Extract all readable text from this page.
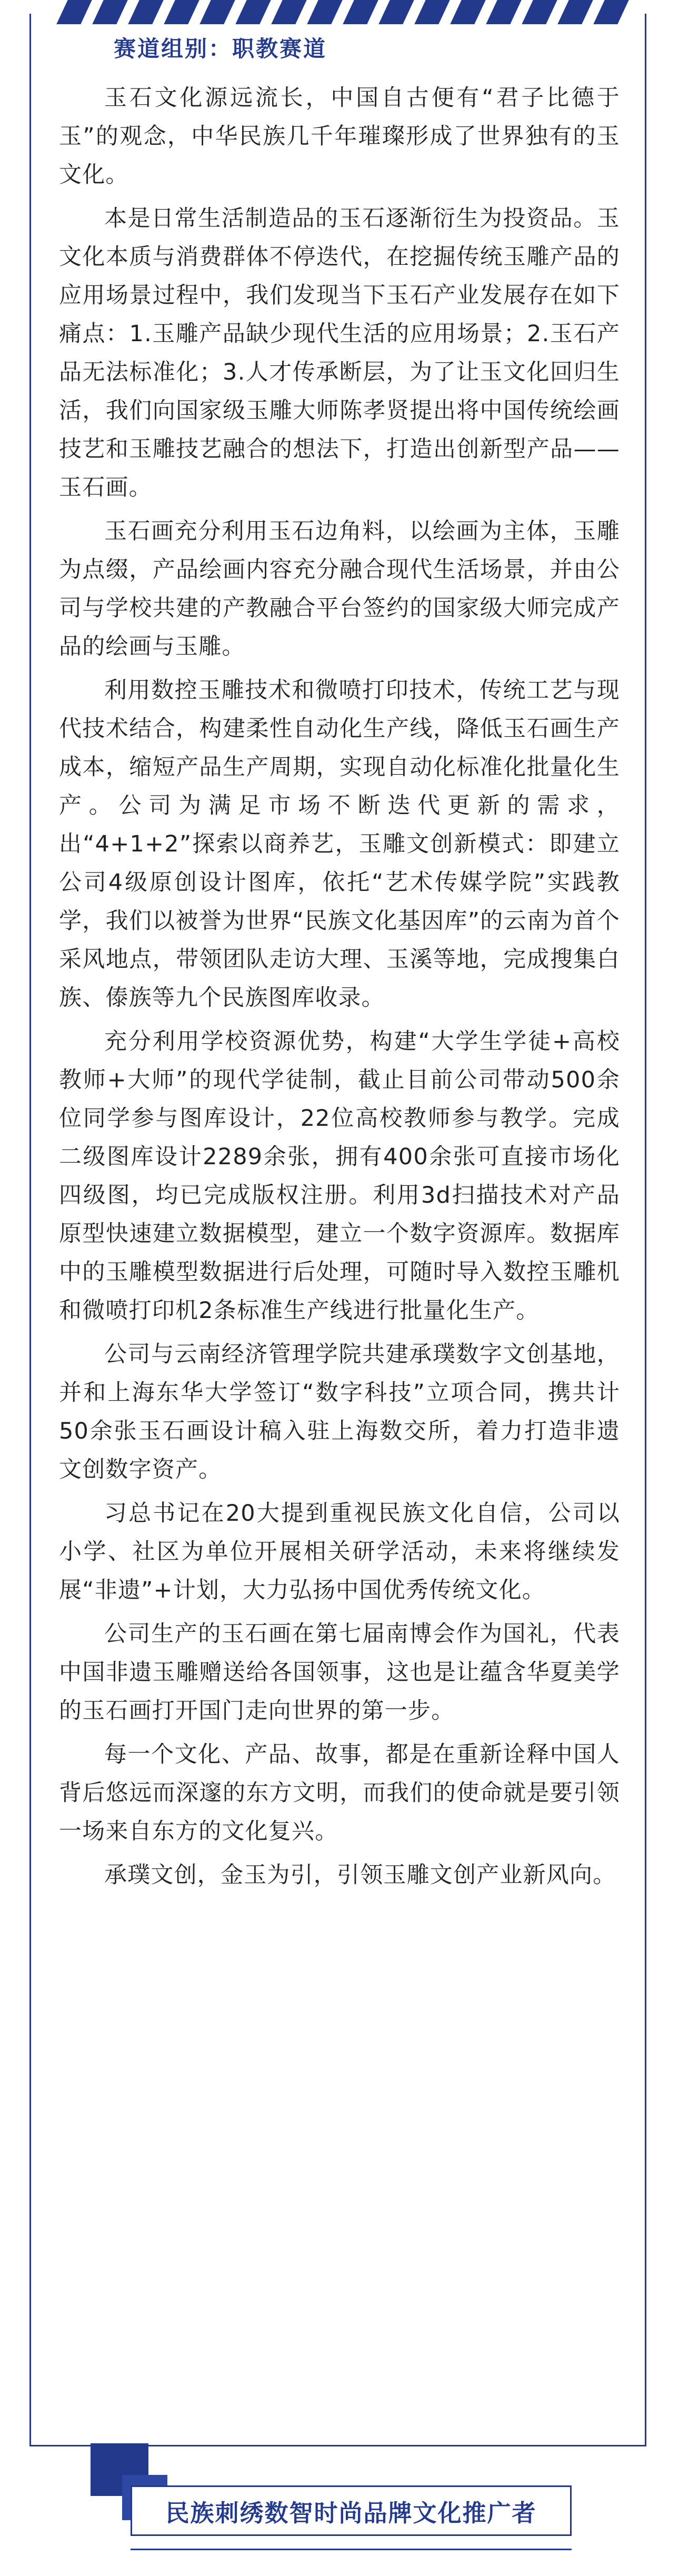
赛道组别：职教赛道

玉石文化源远流长，中国自古便有“君子比德于玉”的观念，中华民族几千年璀璨形成了世界独有的玉文化。

本是日常生活制造品的玉石逐渐衍生为投资品。玉文化本质与消费群体不停迭代，在挖掘传统玉雕产品的应用场景过程中，我们发现当下玉石产业发展存在如下痛点：1.玉雕产品缺少现代生活的应用场景；2.玉石产品无法标准化；3.人才传承断层，为了让玉文化回归生活，我们向国家级玉雕大师陈孝贤提出将中国传统绘画技艺和玉雕技艺融合的想法下，打造出创新型产品——玉石画。

玉石画充分利用玉石边角料，以绘画为主体，玉雕为点缀，产品绘画内容充分融合现代生活场景，并由公司与学校共建的产教融合平台签约的国家级大师完成产品的绘画与玉雕。

利用数控玉雕技术和微喷打印技术，传统工艺与现代技术结合，构建柔性自动化生产线，降低玉石画生产成本，缩短产品生产周期，实现自动化标准化批量化生产。公司为满足市场不断迭代更新的需求，出“4+1+2”探索以商养艺，玉雕文创新模式：即建立公司4级原创设计图库，依托“艺术传媒学院”实践教学，我们以被誉为世界“民族文化基因库”的云南为首个采风地点，带领团队走访大理、玉溪等地，完成搜集白族、傣族等九个民族图库收录。

充分利用学校资源优势，构建“大学生学徒+高校教师+大师”的现代学徒制，截止目前公司带动500余位同学参与图库设计，22位高校教师参与教学。完成二级图库设计2289余张，拥有400余张可直接市场化四级图，均已完成版权注册。利用3d扫描技术对产品原型快速建立数据模型，建立一个数字资源库。数据库中的玉雕模型数据进行后处理，可随时导入数控玉雕机和微喷打印机2条标准生产线进行批量化生产。

公司与云南经济管理学院共建承璞数字文创基地，并和上海东华大学签订“数字科技”立项合同，携共计50余张玉石画设计稿入驻上海数交所，着力打造非遗文创数字资产。

习总书记在20大提到重视民族文化自信，公司以小学、社区为单位开展相关研学活动，未来将继续发展“非遗”+计划，大力弘扬中国优秀传统文化。

公司生产的玉石画在第七届南博会作为国礼，代表中国非遗玉雕赠送给各国领事，这也是让蕴含华夏美学的玉石画打开国门走向世界的第一步。

每一个文化、产品、故事，都是在重新诠释中国人背后悠远而深邃的东方文明，而我们的使命就是要引领一场来自东方的文化复兴。

承璞文创，金玉为引，引领玉雕文创产业新风向。

民族刺绣数智时尚品牌文化推广者
